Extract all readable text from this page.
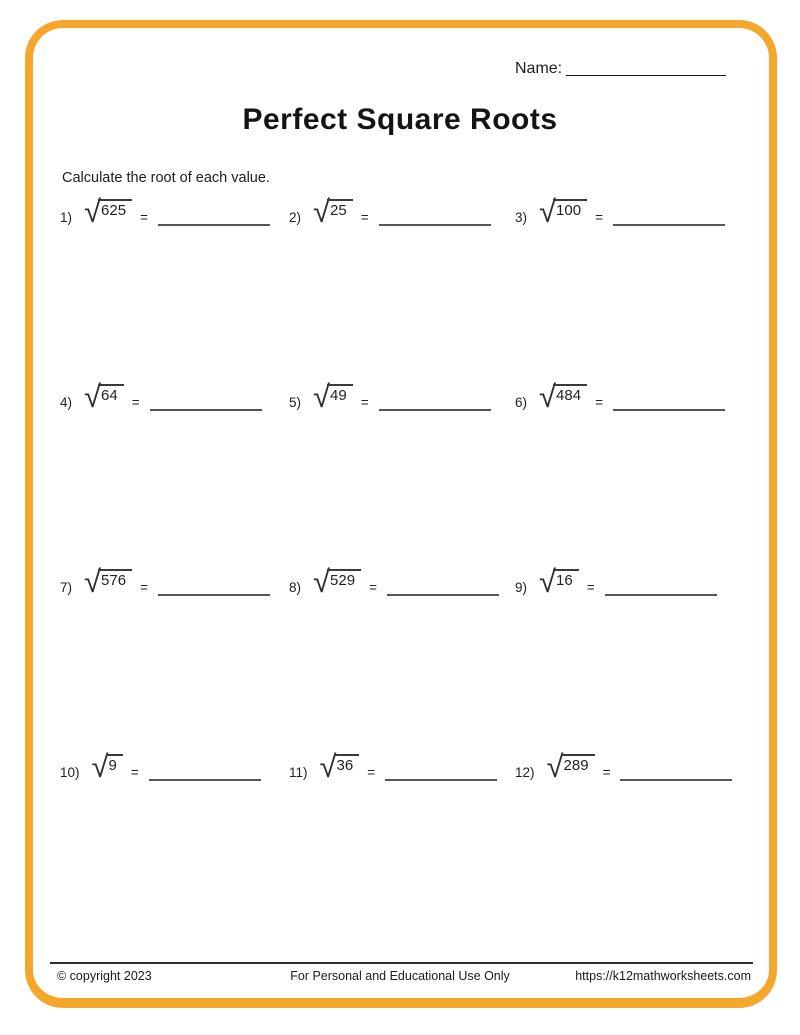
Name:
Perfect Square Roots
Calculate the root of each value.
1) √ 625	=	2) √ 25	=	3) √ 100	=
4) √ 64	=	5) √ 49	=	6) √ 484	=
7) √ 576	=	8) √ 529	=	9) √ 16	=
10) √ 9	=	11) √ 36	=	12) √ 289	=
© copyright 2023	For Personal and Educational Use Only	https://k12mathworksheets.com
